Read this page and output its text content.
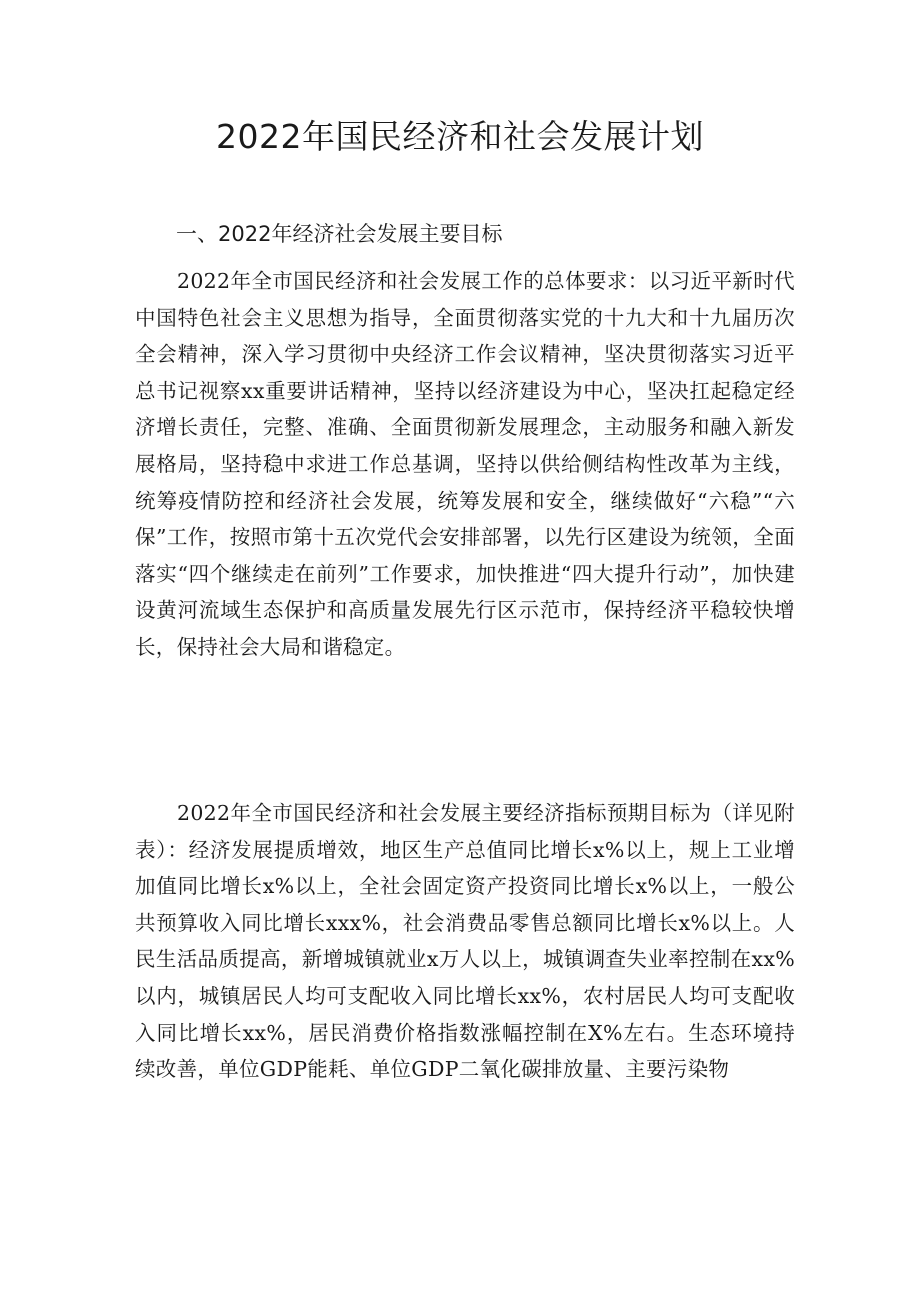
2022年国民经济和社会发展计划
一、2022年经济社会发展主要目标

2022年全市国民经济和社会发展工作的总体要求：以习近平新时代中国特色社会主义思想为指导，全面贯彻落实党的十九大和十九届历次全会精神，深入学习贯彻中央经济工作会议精神，坚决贯彻落实习近平总书记视察xx重要讲话精神，坚持以经济建设为中心，坚决扛起稳定经济增长责任，完整、准确、全面贯彻新发展理念，主动服务和融入新发展格局，坚持稳中求进工作总基调，坚持以供给侧结构性改革为主线，统筹疫情防控和经济社会发展，统筹发展和安全，继续做好“六稳”“六保”工作，按照市第十五次党代会安排部署，以先行区建设为统领，全面落实“四个继续走在前列”工作要求，加快推进“四大提升行动”，加快建设黄河流域生态保护和高质量发展先行区示范市，保持经济平稳较快增长，保持社会大局和谐稳定。

2022年全市国民经济和社会发展主要经济指标预期目标为（详见附表）：经济发展提质增效，地区生产总值同比增长x%以上，规上工业增加值同比增长x%以上，全社会固定资产投资同比增长x%以上，一般公共预算收入同比增长xxx%，社会消费品零售总额同比增长x%以上。人民生活品质提高，新增城镇就业x万人以上，城镇调查失业率控制在xx%以内，城镇居民人均可支配收入同比增长xx%，农村居民人均可支配收入同比增长xx%，居民消费价格指数涨幅控制在X%左右。生态环境持续改善，单位GDP能耗、单位GDP二氧化碳排放量、主要污染物
